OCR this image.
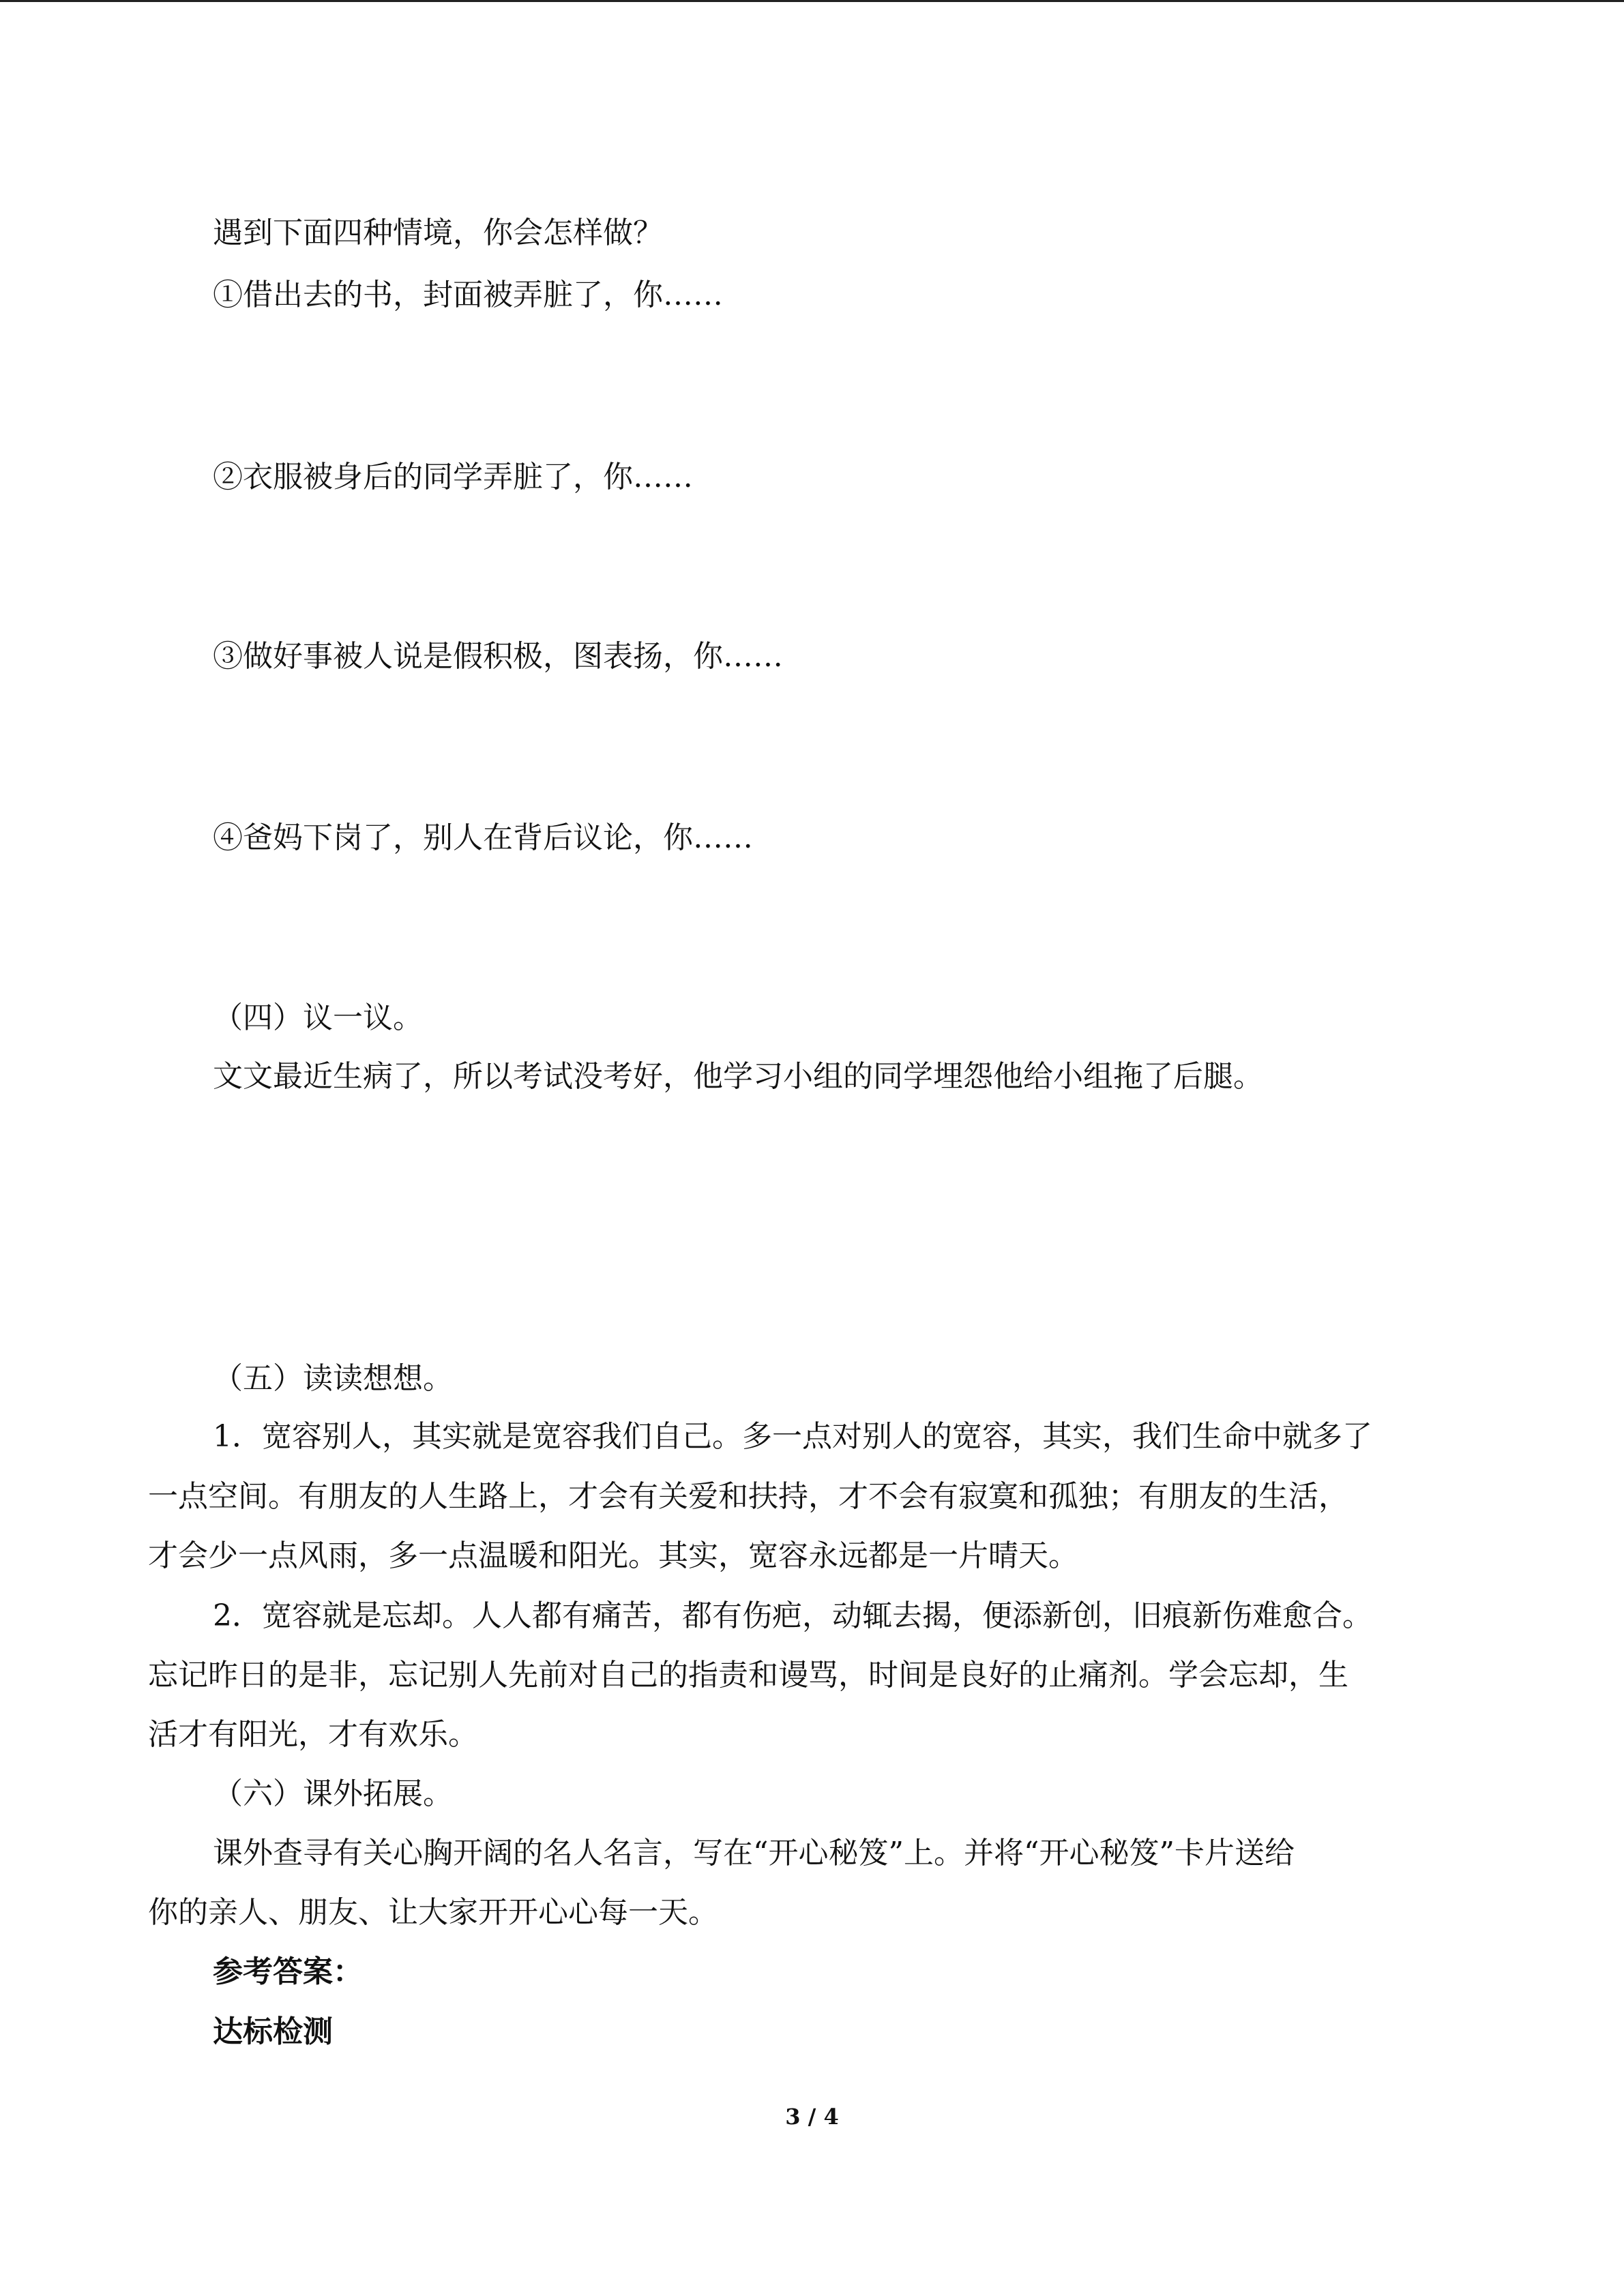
遇到下面四种情境，你会怎样做？
①借出去的书，封面被弄脏了，你……
②衣服被身后的同学弄脏了，你……
③做好事被人说是假积极，图表扬，你……
④爸妈下岗了，别人在背后议论，你……
（四）议一议。
文文最近生病了，所以考试没考好，他学习小组的同学埋怨他给小组拖了后腿。
（五）读读想想。
1．宽容别人，其实就是宽容我们自己。多一点对别人的宽容，其实，我们生命中就多了
一点空间。有朋友的人生路上，才会有关爱和扶持，才不会有寂寞和孤独；有朋友的生活，
才会少一点风雨，多一点温暖和阳光。其实，宽容永远都是一片晴天。
2．宽容就是忘却。人人都有痛苦，都有伤疤，动辄去揭，便添新创，旧痕新伤难愈合。
忘记昨日的是非，忘记别人先前对自己的指责和谩骂，时间是良好的止痛剂。学会忘却，生
活才有阳光，才有欢乐。
（六）课外拓展。
课外查寻有关心胸开阔的名人名言，写在“开心秘笈”上。并将“开心秘笈”卡片送给
你的亲人、朋友、让大家开开心心每一天。
参考答案：
达标检测
3 / 4
